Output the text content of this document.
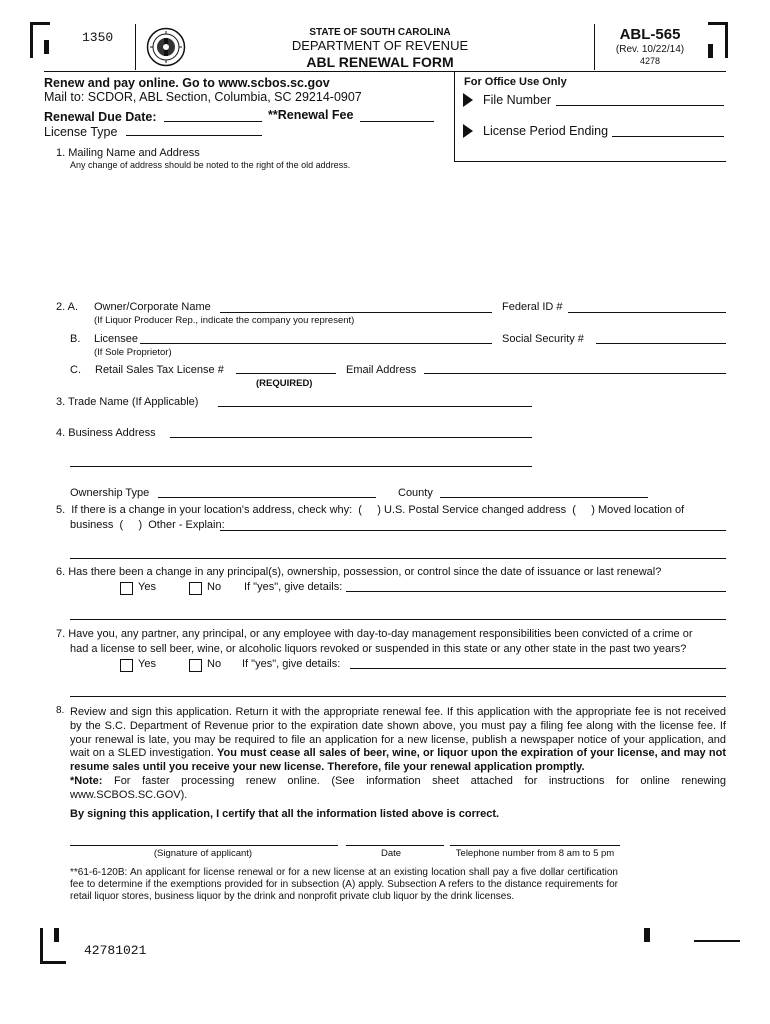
1350	STATE OF SOUTH CAROLINA
DEPARTMENT OF REVENUE
ABL RENEWAL FORM
ABL-565
(Rev. 10/22/14)
4278
Renew and pay online. Go to www.scbos.sc.gov
Mail to: SCDOR, ABL Section, Columbia, SC 29214-0907
Renewal Due Date:	**Renewal Fee
License Type
For Office Use Only
File Number
License Period Ending
1. Mailing Name and Address
Any change of address should be noted to the right of the old address.
2. A. Owner/Corporate Name	Federal ID #
(If Liquor Producer Rep., indicate the company you represent)
B. Licensee	Social Security #
(If Sole Proprietor)
C. Retail Sales Tax License #	Email Address
(REQUIRED)
3. Trade Name (If Applicable)
4. Business Address
Ownership Type	County
5.  If there is a change in your location's address, check why:  (     ) U.S. Postal Service changed address  (     ) Moved location of
business  (     )  Other - Explain:
6. Has there been a change in any principal(s), ownership, possession, or control since the date of issuance or last renewal?
Yes	No If "yes", give details:
7. Have you, any partner, any principal, or any employee with day-to-day management responsibilities been convicted of a crime or
had a license to sell beer, wine, or alcoholic liquors revoked or suspended in this state or any other state in the past two years?
Yes	No If "yes", give details:
8. Review and sign this application. Return it with the appropriate renewal fee. If this application with the appropriate fee is not received by the S.C. Department of Revenue prior to the expiration date shown above, you must pay a filing fee along with the license fee. If your renewal is late, you may be required to file an application for a new license, publish a newspaper notice of your application, and wait on a SLED investigation. You must cease all sales of beer, wine, or liquor upon the expiration of your license, and may not resume sales until you receive your new license. Therefore, file your renewal application promptly.
*Note: For faster processing renew online. (See information sheet attached for instructions for online renewing www.SCBOS.SC.GOV).
By signing this application, I certify that all the information listed above is correct.
(Signature of applicant)	Date	Telephone number from 8 am to 5 pm
**61-6-120B: An applicant for license renewal or for a new license at an existing location shall pay a five dollar certification fee to determine if the exemptions provided for in subsection (A) apply. Subsection A refers to the distance requirements for retail liquor stores, business liquor by the drink and nonprofit private club liquor by the drink licenses.
42781021
